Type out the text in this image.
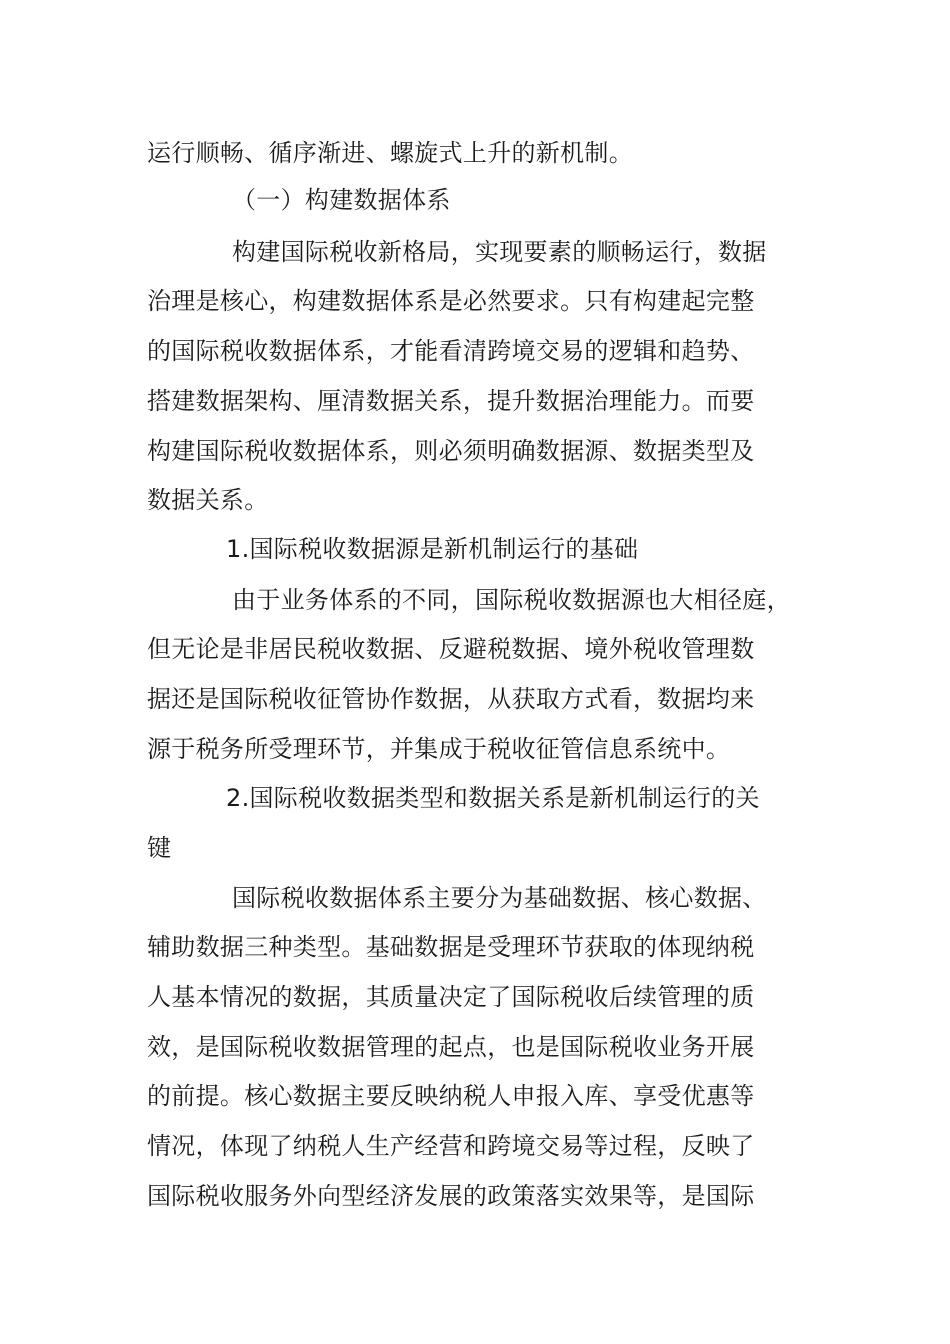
运行顺畅、循序渐进、螺旋式上升的新机制。
（一）构建数据体系
构建国际税收新格局，实现要素的顺畅运行，数据
治理是核心，构建数据体系是必然要求。只有构建起完整
的国际税收数据体系，才能看清跨境交易的逻辑和趋势、
搭建数据架构、厘清数据关系，提升数据治理能力。而要
构建国际税收数据体系，则必须明确数据源、数据类型及
数据关系。
1.国际税收数据源是新机制运行的基础
由于业务体系的不同，国际税收数据源也大相径庭，
但无论是非居民税收数据、反避税数据、境外税收管理数
据还是国际税收征管协作数据，从获取方式看，数据均来
源于税务所受理环节，并集成于税收征管信息系统中。
2.国际税收数据类型和数据关系是新机制运行的关
键
国际税收数据体系主要分为基础数据、核心数据、
辅助数据三种类型。基础数据是受理环节获取的体现纳税
人基本情况的数据，其质量决定了国际税收后续管理的质
效，是国际税收数据管理的起点，也是国际税收业务开展
的前提。核心数据主要反映纳税人申报入库、享受优惠等
情况，体现了纳税人生产经营和跨境交易等过程，反映了
国际税收服务外向型经济发展的政策落实效果等，是国际
